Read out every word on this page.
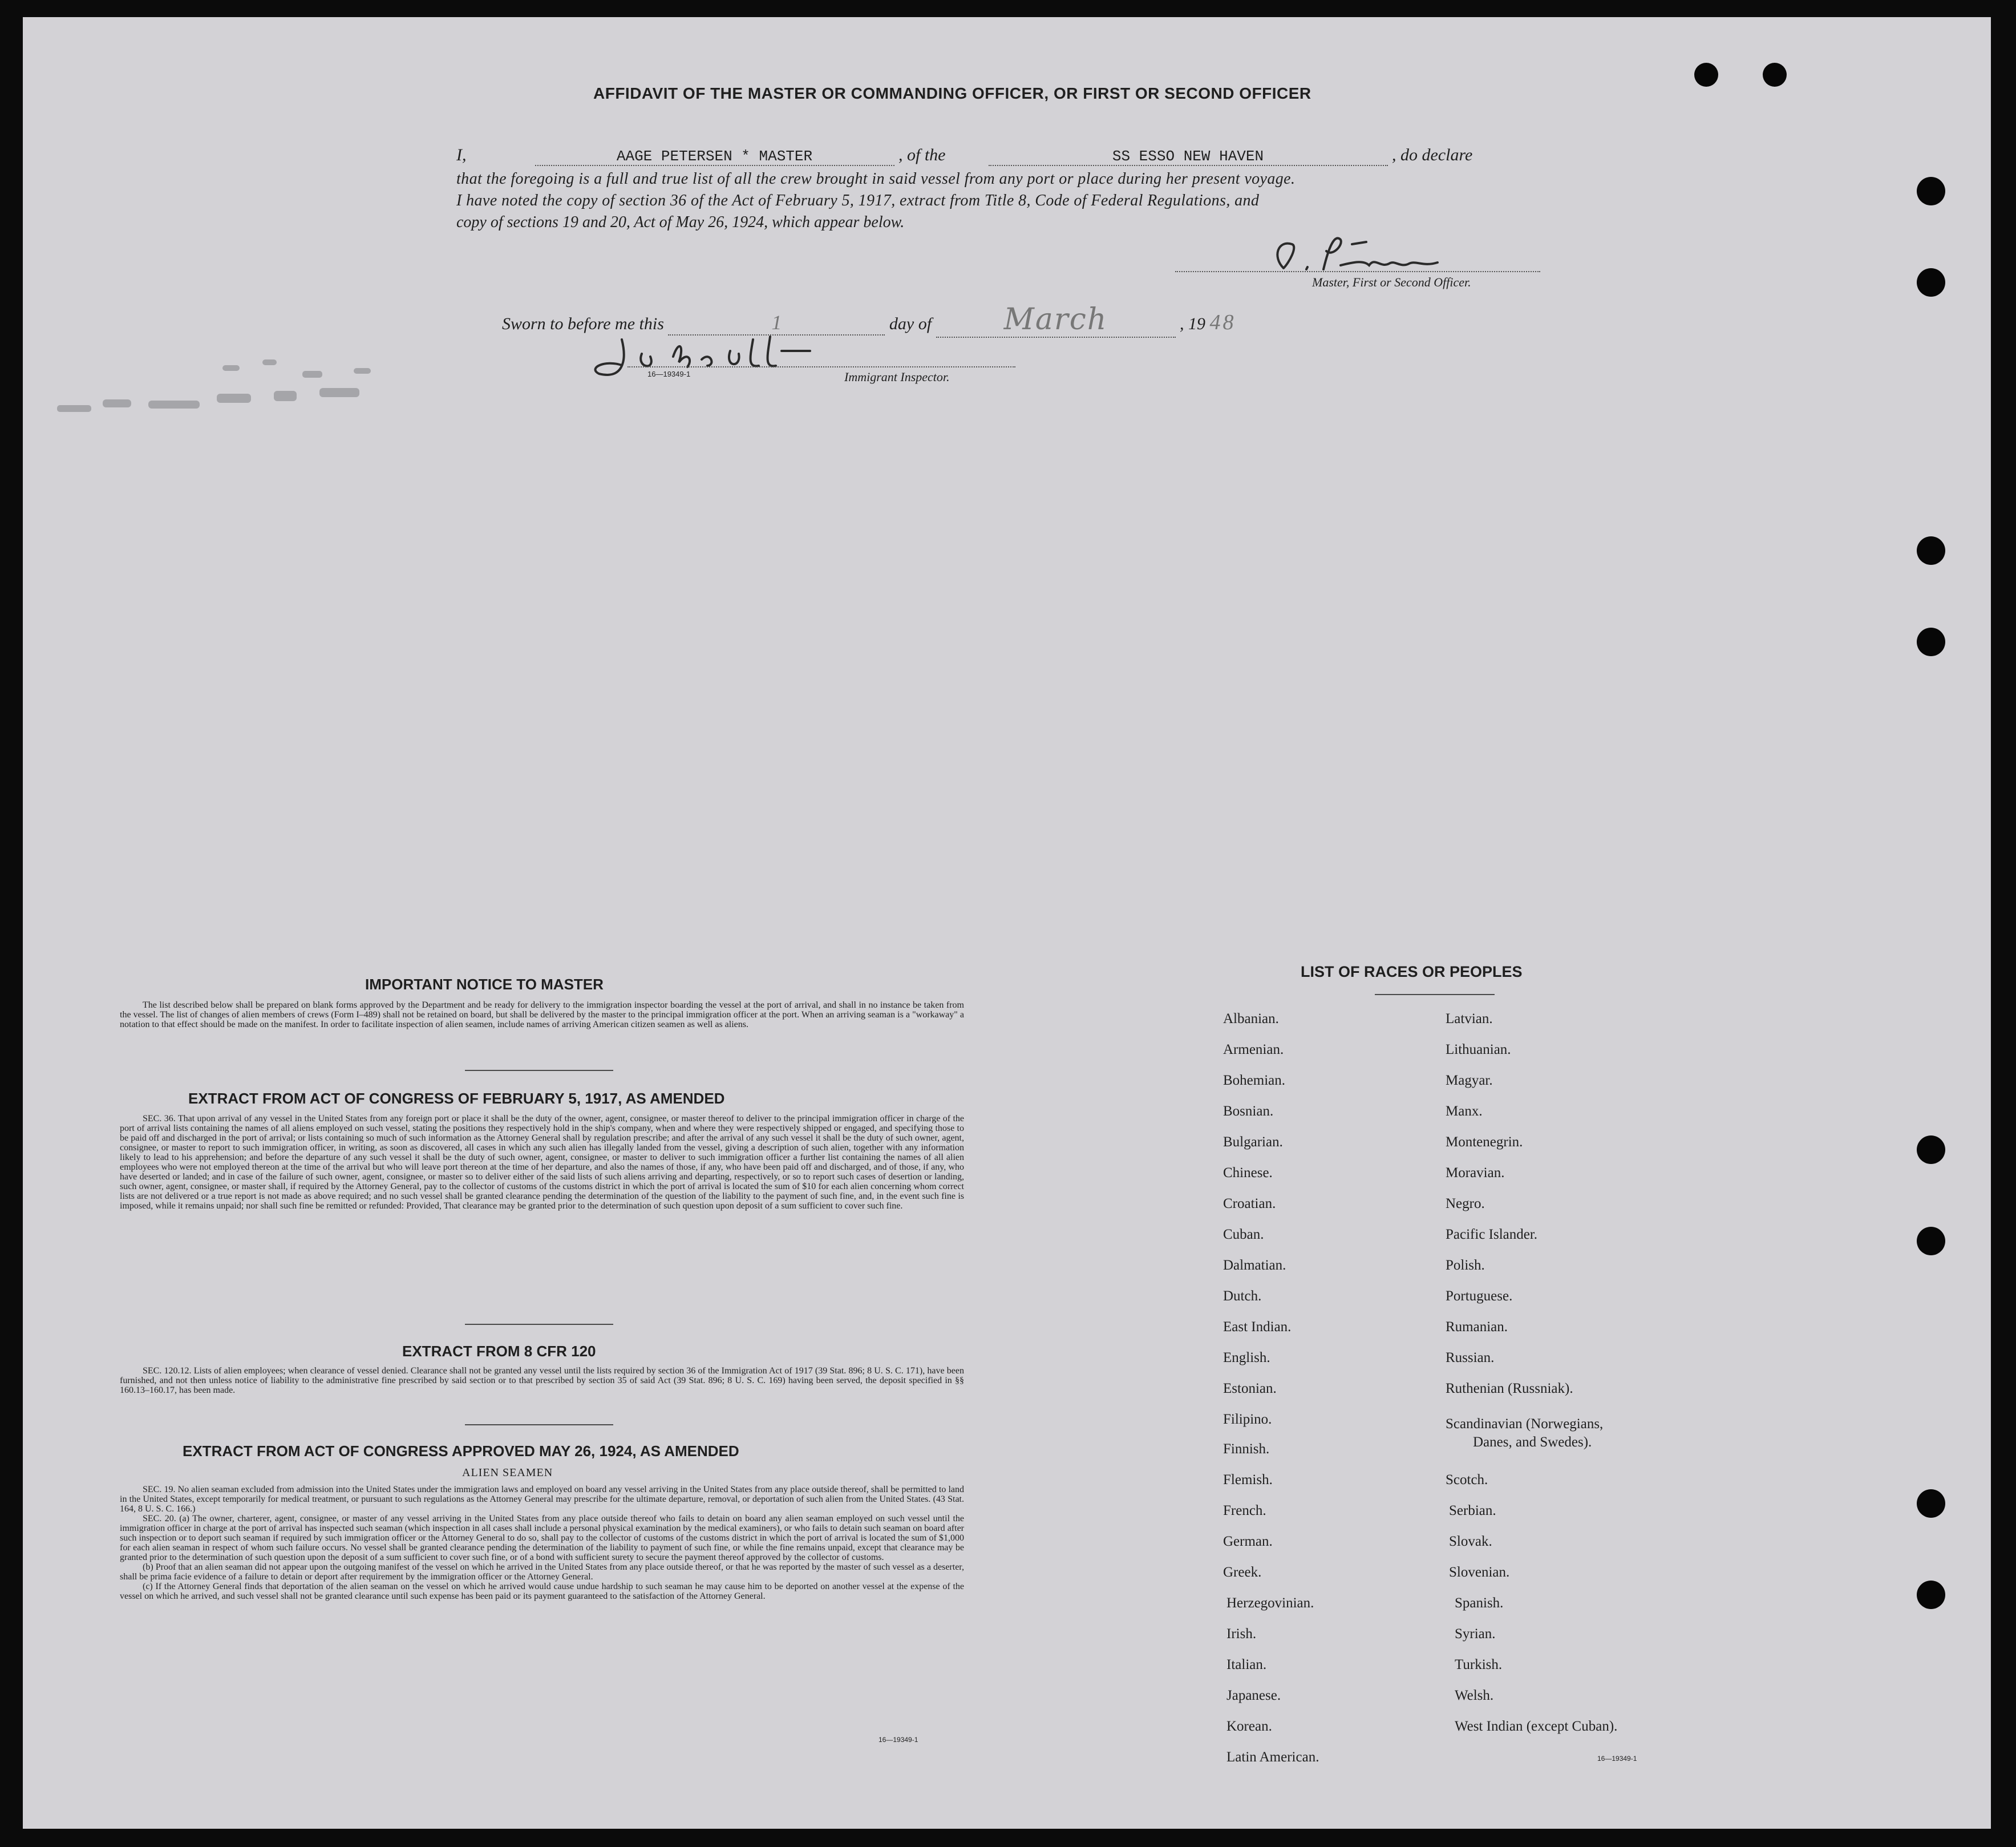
AFFIDAVIT OF THE MASTER OR COMMANDING OFFICER, OR FIRST OR SECOND OFFICER
I,	AAGE PETERSEN * MASTER	, of the	SS ESSO NEW HAVEN	, do declare
that the foregoing is a full and true list of all the crew brought in said vessel from any port or place during her present voyage.
I have noted the copy of section 36 of the Act of February 5, 1917, extract from Title 8, Code of Federal Regulations, and
copy of sections 19 and 20, Act of May 26, 1924, which appear below.
Master, First or Second Officer.
Sworn to before me this	1	day of March	, 19 48
16—19349-1	Immigrant Inspector.
IMPORTANT NOTICE TO MASTER
The list described below shall be prepared on blank forms approved by the Department and be ready for delivery to the immigration inspector boarding the vessel at the port of arrival, and shall in no instance be taken from the vessel. The list of changes of alien members of crews (Form I–489) shall not be retained on board, but shall be delivered by the master to the principal immigration officer at the port. When an arriving seaman is a "workaway" a notation to that effect should be made on the manifest. In order to facilitate inspection of alien seamen, include names of arriving American citizen seamen as well as aliens.
EXTRACT FROM ACT OF CONGRESS OF FEBRUARY 5, 1917, AS AMENDED
SEC. 36. That upon arrival of any vessel in the United States from any foreign port or place it shall be the duty of the owner, agent, consignee, or master thereof to deliver to the principal immigration officer in charge of the port of arrival lists containing the names of all aliens employed on such vessel, stating the positions they respectively hold in the ship's company, when and where they were respectively shipped or engaged, and specifying those to be paid off and discharged in the port of arrival; or lists containing so much of such information as the Attorney General shall by regulation prescribe; and after the arrival of any such vessel it shall be the duty of such owner, agent, consignee, or master to report to such immigration officer, in writing, as soon as discovered, all cases in which any such alien has illegally landed from the vessel, giving a description of such alien, together with any information likely to lead to his apprehension; and before the departure of any such vessel it shall be the duty of such owner, agent, consignee, or master to deliver to such immigration officer a further list containing the names of all alien employees who were not employed thereon at the time of the arrival but who will leave port thereon at the time of her departure, and also the names of those, if any, who have been paid off and discharged, and of those, if any, who have deserted or landed; and in case of the failure of such owner, agent, consignee, or master so to deliver either of the said lists of such aliens arriving and departing, respectively, or so to report such cases of desertion or landing, such owner, agent, consignee, or master shall, if required by the Attorney General, pay to the collector of customs of the customs district in which the port of arrival is located the sum of $10 for each alien concerning whom correct lists are not delivered or a true report is not made as above required; and no such vessel shall be granted clearance pending the determination of the question of the liability to the payment of such fine, and, in the event such fine is imposed, while it remains unpaid; nor shall such fine be remitted or refunded: Provided, That clearance may be granted prior to the determination of such question upon deposit of a sum sufficient to cover such fine.
EXTRACT FROM 8 CFR 120
SEC. 120.12. Lists of alien employees; when clearance of vessel denied. Clearance shall not be granted any vessel until the lists required by section 36 of the Immigration Act of 1917 (39 Stat. 896; 8 U. S. C. 171), have been furnished, and not then unless notice of liability to the administrative fine prescribed by said section or to that prescribed by section 35 of said Act (39 Stat. 896; 8 U. S. C. 169) having been served, the deposit specified in §§ 160.13–160.17, has been made.
EXTRACT FROM ACT OF CONGRESS APPROVED MAY 26, 1924, AS AMENDED
ALIEN SEAMEN
SEC. 19. No alien seaman excluded from admission into the United States under the immigration laws and employed on board any vessel arriving in the United States from any place outside thereof, shall be permitted to land in the United States, except temporarily for medical treatment, or pursuant to such regulations as the Attorney General may prescribe for the ultimate departure, removal, or deportation of such alien from the United States. (43 Stat. 164, 8 U. S. C. 166.)
SEC. 20. (a) The owner, charterer, agent, consignee, or master of any vessel arriving in the United States from any place outside thereof who fails to detain on board any alien seaman employed on such vessel until the immigration officer in charge at the port of arrival has inspected such seaman (which inspection in all cases shall include a personal physical examination by the medical examiners), or who fails to detain such seaman on board after such inspection or to deport such seaman if required by such immigration officer or the Attorney General to do so, shall pay to the collector of customs of the customs district in which the port of arrival is located the sum of $1,000 for each alien seaman in respect of whom such failure occurs. No vessel shall be granted clearance pending the determination of the liability to payment of such fine, or while the fine remains unpaid, except that clearance may be granted prior to the determination of such question upon the deposit of a sum sufficient to cover such fine, or of a bond with sufficient surety to secure the payment thereof approved by the collector of customs.
(b) Proof that an alien seaman did not appear upon the outgoing manifest of the vessel on which he arrived in the United States from any place outside thereof, or that he was reported by the master of such vessel as a deserter, shall be prima facie evidence of a failure to detain or deport after requirement by the immigration officer or the Attorney General.
(c) If the Attorney General finds that deportation of the alien seaman on the vessel on which he arrived would cause undue hardship to such seaman he may cause him to be deported on another vessel at the expense of the vessel on which he arrived, and such vessel shall not be granted clearance until such expense has been paid or its payment guaranteed to the satisfaction of the Attorney General.
16—19349-1
LIST OF RACES OR PEOPLES
Albanian.
Armenian.
Bohemian.
Bosnian.
Bulgarian.
Chinese.
Croatian.
Cuban.
Dalmatian.
Dutch.
East Indian.
English.
Estonian.
Filipino.
Finnish.
Flemish.
French.
German.
Greek.
Herzegovinian.
Irish.
Italian.
Japanese.
Korean.
Latin American.
Latvian.
Lithuanian.
Magyar.
Manx.
Montenegrin.
Moravian.
Negro.
Pacific Islander.
Polish.
Portuguese.
Rumanian.
Russian.
Ruthenian (Russniak).
Scandinavian (Norwegians,
Danes, and Swedes).
Scotch.
Serbian.
Slovak.
Slovenian.
Spanish.
Syrian.
Turkish.
Welsh.
West Indian (except Cuban).
16—19349-1
